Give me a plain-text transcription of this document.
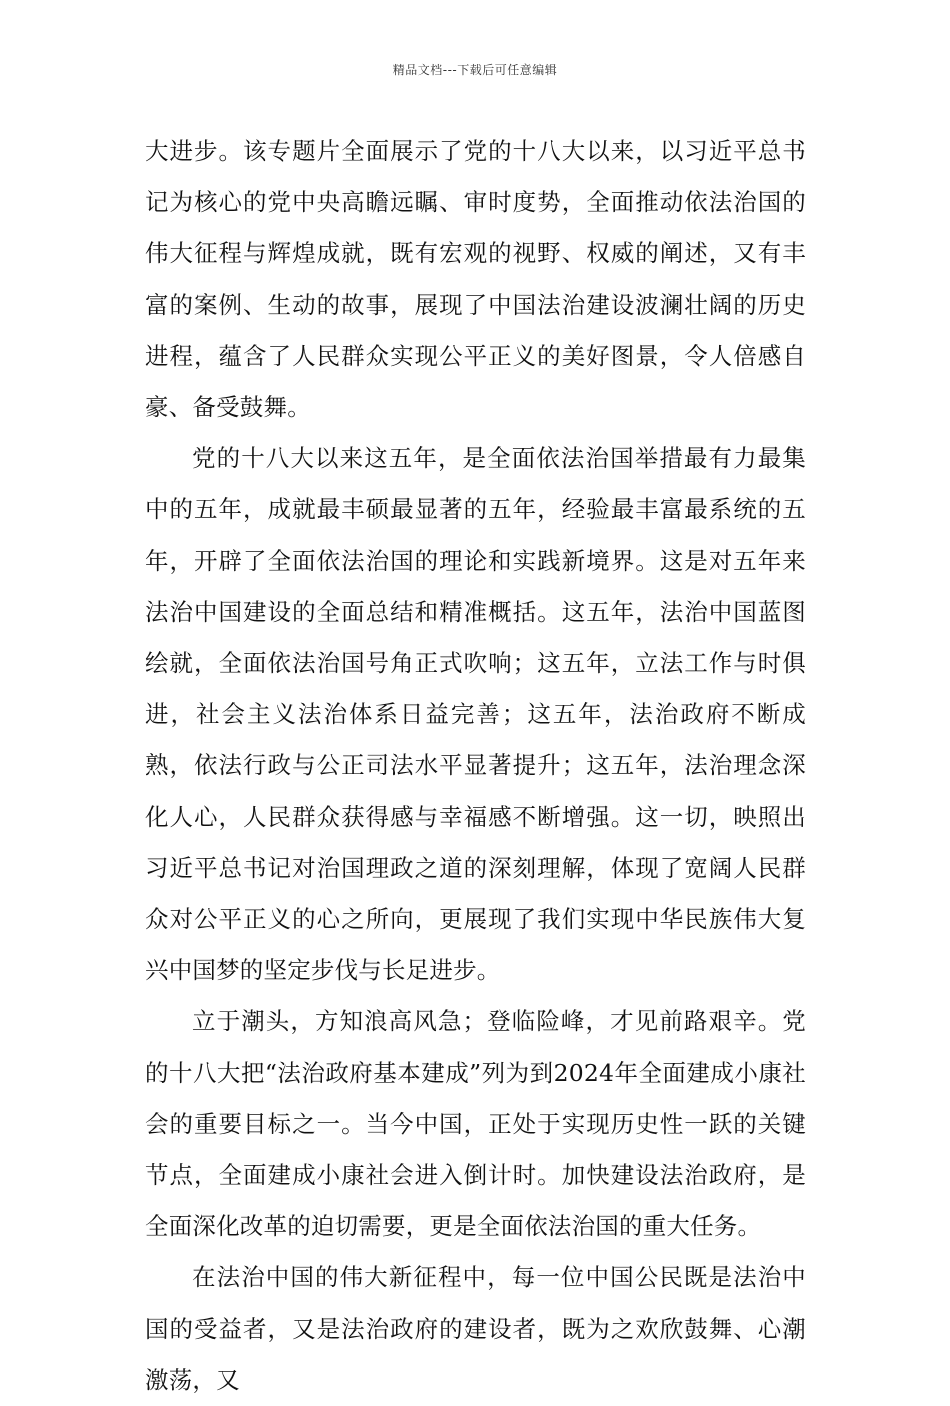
精品文档---下载后可任意编辑

大进步。该专题片全面展示了党的十八大以来，以习近平总书记为核心的党中央高瞻远瞩、审时度势，全面推动依法治国的伟大征程与辉煌成就，既有宏观的视野、权威的阐述，又有丰富的案例、生动的故事，展现了中国法治建设波澜壮阔的历史进程，蕴含了人民群众实现公平正义的美好图景，令人倍感自豪、备受鼓舞。

党的十八大以来这五年，是全面依法治国举措最有力最集中的五年，成就最丰硕最显著的五年，经验最丰富最系统的五年，开辟了全面依法治国的理论和实践新境界。这是对五年来法治中国建设的全面总结和精准概括。这五年，法治中国蓝图绘就，全面依法治国号角正式吹响；这五年，立法工作与时俱进，社会主义法治体系日益完善；这五年，法治政府不断成熟，依法行政与公正司法水平显著提升；这五年，法治理念深化人心，人民群众获得感与幸福感不断增强。这一切，映照出习近平总书记对治国理政之道的深刻理解，体现了宽阔人民群众对公平正义的心之所向，更展现了我们实现中华民族伟大复兴中国梦的坚定步伐与长足进步。

立于潮头，方知浪高风急；登临险峰，才见前路艰辛。党的十八大把“法治政府基本建成”列为到2024年全面建成小康社会的重要目标之一。当今中国，正处于实现历史性一跃的关键节点，全面建成小康社会进入倒计时。加快建设法治政府，是全面深化改革的迫切需要，更是全面依法治国的重大任务。

在法治中国的伟大新征程中，每一位中国公民既是法治中国的受益者，又是法治政府的建设者，既为之欢欣鼓舞、心潮激荡，又
